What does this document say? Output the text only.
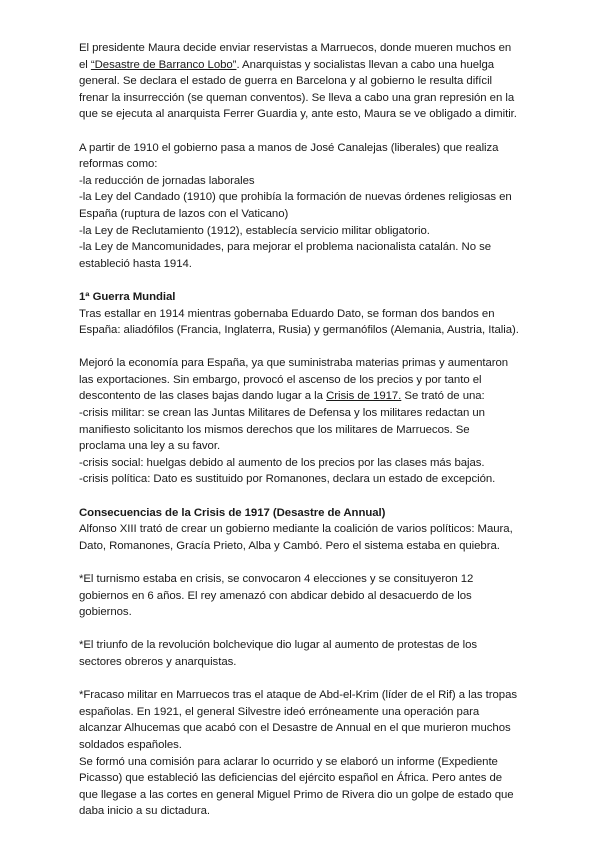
El presidente Maura decide enviar reservistas a Marruecos, donde mueren muchos en
el “Desastre de Barranco Lobo”. Anarquistas y socialistas llevan a cabo una huelga
general. Se declara el estado de guerra en Barcelona y al gobierno le resulta difícil
frenar la insurrección (se queman conventos). Se lleva a cabo una gran represión en la
que se ejecuta al anarquista Ferrer Guardia y, ante esto, Maura se ve obligado a dimitir.
A partir de 1910 el gobierno pasa a manos de José Canalejas (liberales) que realiza
reformas como:
-la reducción de jornadas laborales
-la Ley del Candado (1910) que prohibía la formación de nuevas órdenes religiosas en
España (ruptura de lazos con el Vaticano)
-la Ley de Reclutamiento (1912), establecía servicio militar obligatorio.
-la Ley de Mancomunidades, para mejorar el problema nacionalista catalán. No se
estableció hasta 1914.
1ª Guerra Mundial
Tras estallar en 1914 mientras gobernaba Eduardo Dato, se forman dos bandos en
España: aliadófilos (Francia, Inglaterra, Rusia) y germanófilos (Alemania, Austria, Italia).
Mejoró la economía para España, ya que suministraba materias primas y aumentaron
las exportaciones. Sin embargo, provocó el ascenso de los precios y por tanto el
descontento de las clases bajas dando lugar a la Crisis de 1917. Se trató de una:
-crisis militar: se crean las Juntas Militares de Defensa y los militares redactan un
manifiesto solicitanto los mismos derechos que los militares de Marruecos. Se
proclama una ley a su favor.
-crisis social: huelgas debido al aumento de los precios por las clases más bajas.
-crisis política: Dato es sustituido por Romanones, declara un estado de excepción.
Consecuencias de la Crisis de 1917 (Desastre de Annual)
Alfonso XIII trató de crear un gobierno mediante la coalición de varios políticos: Maura,
Dato, Romanones, Gracía Prieto, Alba y Cambó. Pero el sistema estaba en quiebra.
*El turnismo estaba en crisis, se convocaron 4 elecciones y se consituyeron 12
gobiernos en 6 años. El rey amenazó con abdicar debido al desacuerdo de los
gobiernos.
*El triunfo de la revolución bolchevique dio lugar al aumento de protestas de los
sectores obreros y anarquistas.
*Fracaso militar en Marruecos tras el ataque de Abd-el-Krim (líder de el Rif) a las tropas
españolas. En 1921, el general Silvestre ideó erróneamente una operación para
alcanzar Alhucemas que acabó con el Desastre de Annual en el que murieron muchos
soldados españoles.
Se formó una comisión para aclarar lo ocurrido y se elaboró un informe (Expediente
Picasso) que estableció las deficiencias del ejército español en África. Pero antes de
que llegase a las cortes en general Miguel Primo de Rivera dio un golpe de estado que
daba inicio a su dictadura.
